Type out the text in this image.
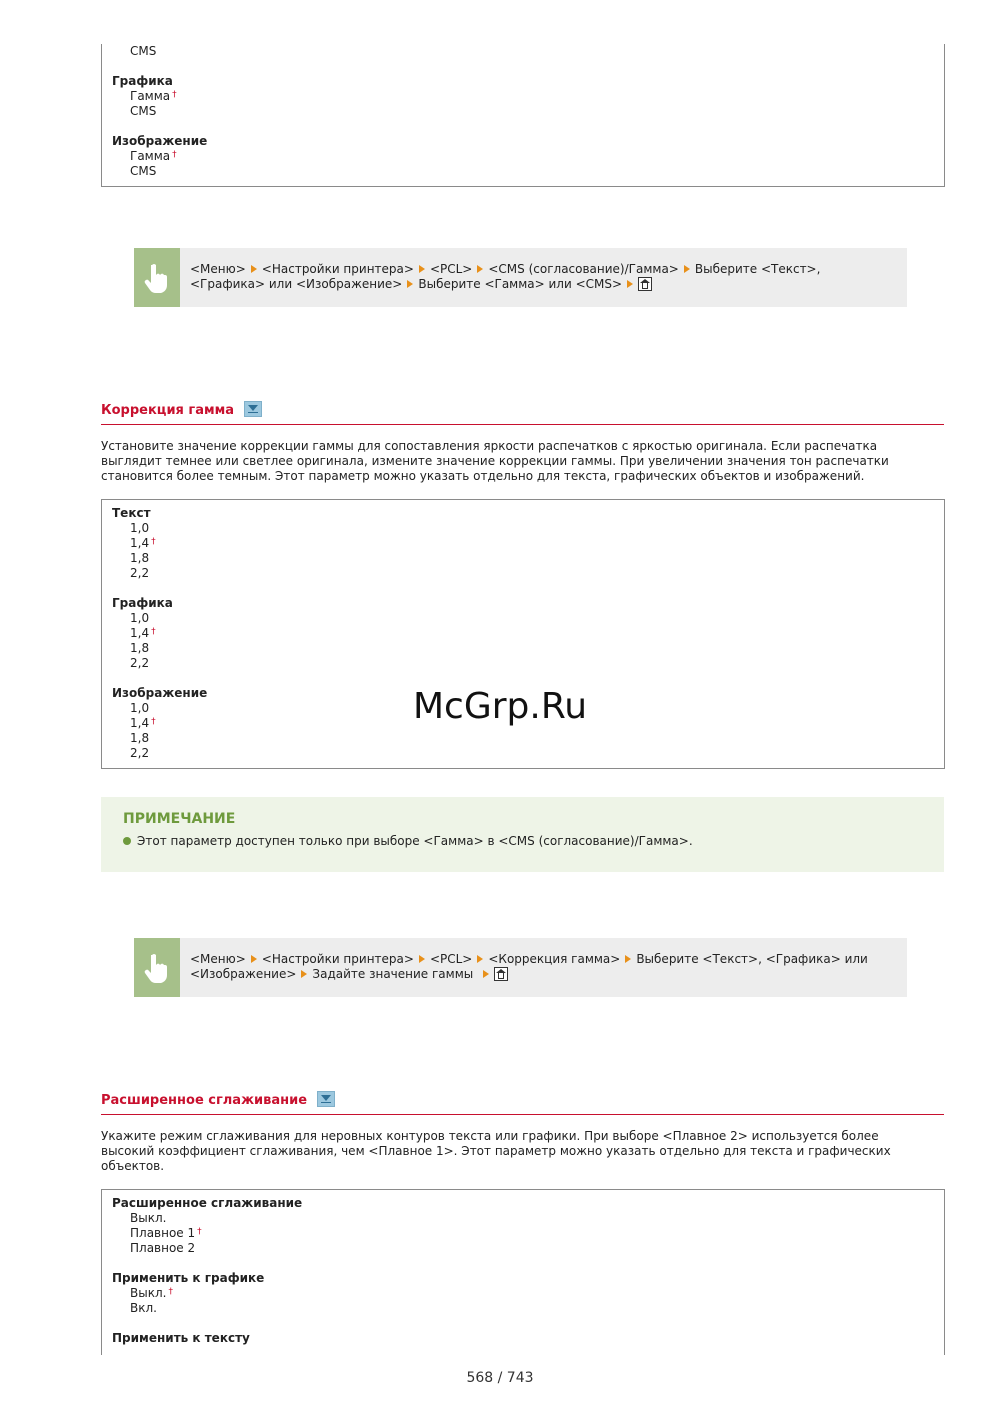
CMS
Графика
Гамма †
CMS
Изображение
Гамма †
CMS
<Меню> <Настройки принтера> <PCL> <CMS (согласование)/Гамма> Выберите <Текст>,
<Графика> или <Изображение> Выберите <Гамма> или <CMS>
Коррекция гамма
Установите значение коррекции гаммы для сопоставления яркости распечатков с яркостью оригинала. Если распечатка
выглядит темнее или светлее оригинала, измените значение коррекции гаммы. При увеличении значения тон распечатки
становится более темным. Этот параметр можно указать отдельно для текста, графических объектов и изображений.
Текст
1,0
1,4 †
1,8
2,2
Графика
1,0
1,4 †
1,8
2,2
Изображение
1,0
1,4 †
1,8
2,2
ПРИМЕЧАНИЕ
Этот параметр доступен только при выборе <Гамма> в <CMS (согласование)/Гамма>.
<Меню> <Настройки принтера> <PCL> <Коррекция гамма> Выберите <Текст>, <Графика> или
<Изображение> Задайте значение гаммы
Расширенное сглаживание
Укажите режим сглаживания для неровных контуров текста или графики. При выборе <Плавное 2> используется более
высокий коэффициент сглаживания, чем <Плавное 1>. Этот параметр можно указать отдельно для текста и графических
объектов.
Расширенное сглаживание
Выкл.
Плавное 1 †
Плавное 2
Применить к графике
Выкл. †
Вкл.
Применить к тексту
McGrp.Ru
568 / 743
